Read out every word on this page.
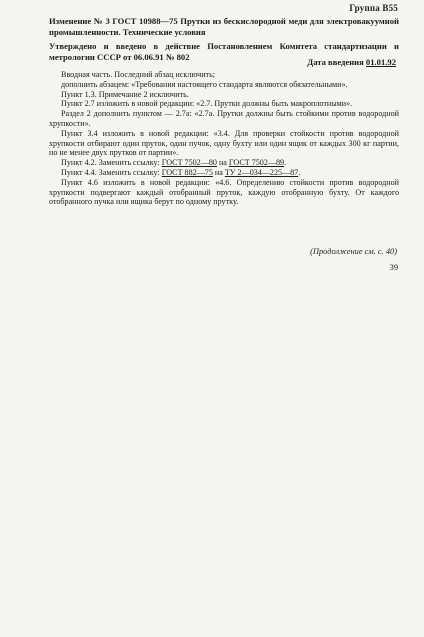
Группа В55
Изменение № 3 ГОСТ 10988—75 Прутки из бескислородной меди для электровакуумной промышленности. Технические условия
Утверждено и введено в действие Постановлением Комитета стандартизации и метрологии СССР от 06.06.91 № 802	Дата введения 01.01.92

Вводная часть. Последний абзац исключить;

дополнить абзацем: «Требования настоящего стандарта являются обязательными».

Пункт 1.3. Примечание 2 исключить.

Пункт 2.7 изложить в новой редакции: «2.7. Прутки должны быть макроплотными».

Раздел 2 дополнить пунктом — 2.7а: «2.7а. Прутки должны быть стойкими против водородной хрупкости».

Пункт 3.4 изложить в новой редакции: «3.4. Для проверки стойкости против водородной хрупкости отбирают один пруток, один пучок, одну бухту или один ящик от каждых 300 кг партии, но не менее двух прутков от партии».

Пункт 4.2. Заменить ссылку: ГОСТ 7502—80 на ГОСТ 7502—89.

Пункт 4.4. Заменить ссылку: ГОСТ 882—75 на ТУ 2—034—225—87.

Пункт 4.6 изложить в новой редакции: «4.6. Определению стойкости против водородной хрупкости подвергают каждый отобранный пруток, каждую отобранную бухту. От каждого отобранного пучка или ящика берут по одному прутку.

(Продолжение см. с. 40)
39
